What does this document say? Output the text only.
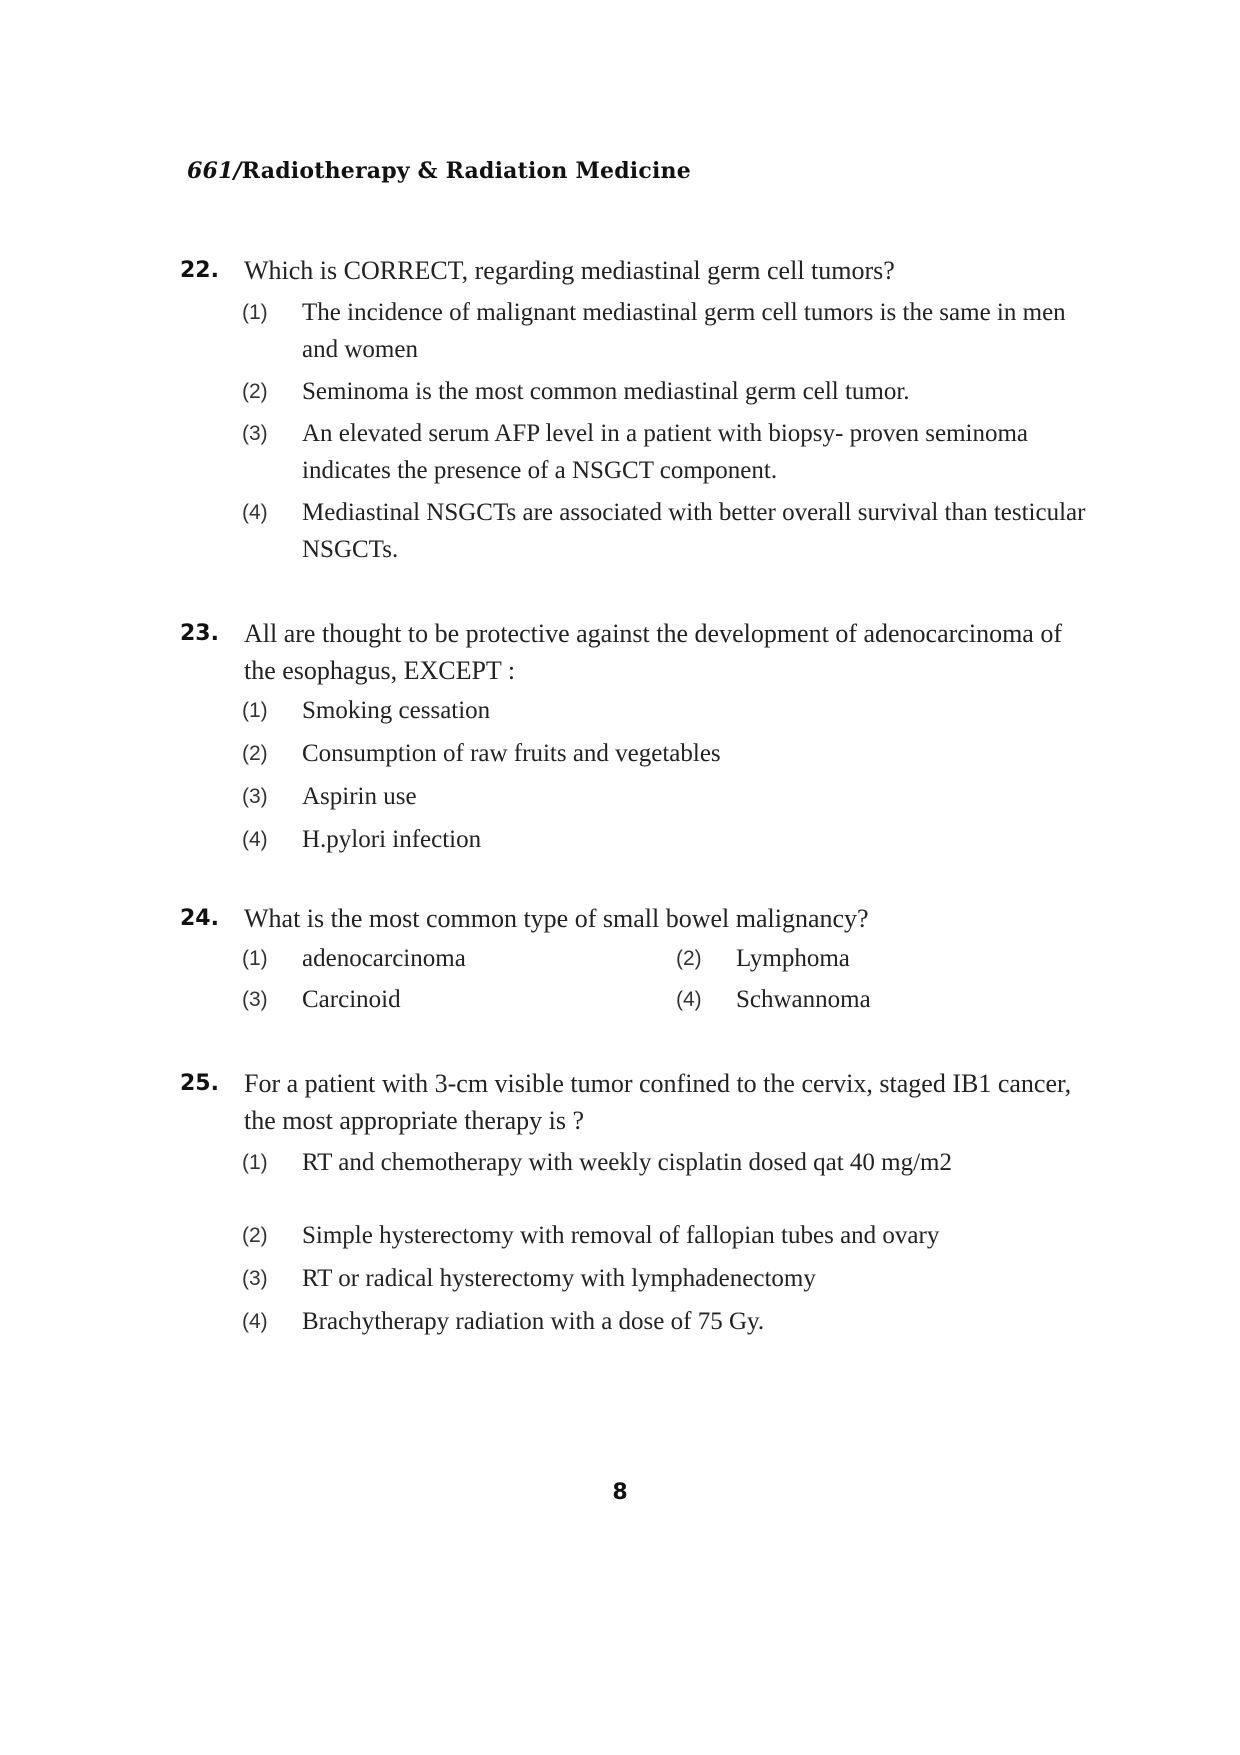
661/Radiotherapy & Radiation Medicine
22. Which is CORRECT, regarding mediastinal germ cell tumors?
(1)	The incidence of malignant mediastinal germ cell tumors is the same in men and women
(2)	Seminoma is the most common mediastinal germ cell tumor.
(3)	An elevated serum AFP level in a patient with biopsy- proven seminoma indicates the presence of a NSGCT component.
(4)	Mediastinal NSGCTs are associated with better overall survival than testicular NSGCTs.
23. All are thought to be protective against the development of adenocarcinoma of the esophagus, EXCEPT :
(1)	Smoking cessation
(2)	Consumption of raw fruits and vegetables
(3)	Aspirin use
(4)	H.pylori infection
24. What is the most common type of small bowel malignancy?
(1)	adenocarcinoma	(2)	Lymphoma
(3)	Carcinoid	(4)	Schwannoma
25. For a patient with 3-cm visible tumor confined to the cervix, staged IB1 cancer, the most appropriate therapy is ?
(1)	RT and chemotherapy with weekly cisplatin dosed qat 40 mg/m2
(2)	Simple hysterectomy with removal of fallopian tubes and ovary
(3)	RT or radical hysterectomy with lymphadenectomy
(4)	Brachytherapy radiation with a dose of 75 Gy.
8
